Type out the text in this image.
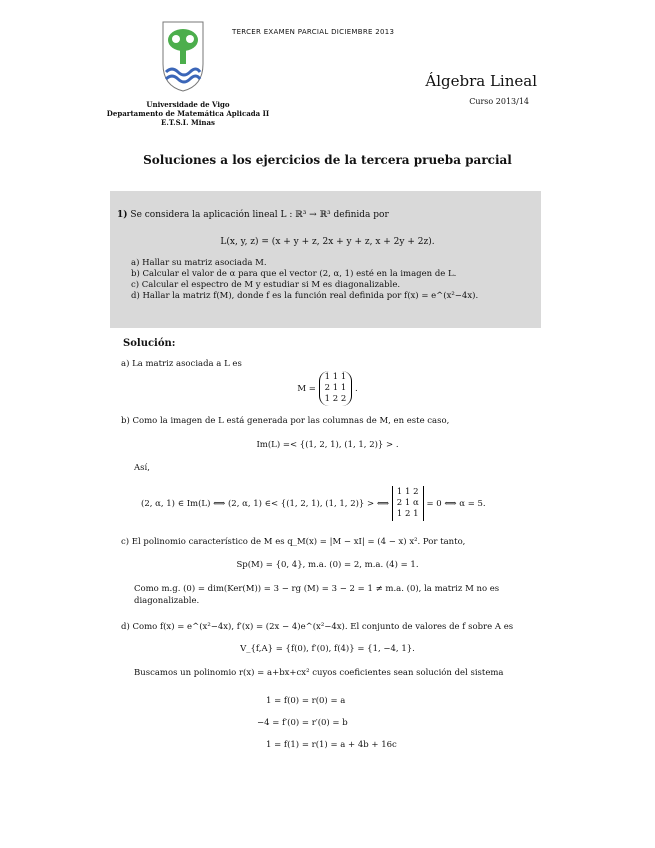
TERCER EXAMEN PARCIAL DICIEMBRE 2013
Universidade de Vigo
Departamento de Matemática Aplicada II
E.T.S.I. Minas
Álgebra Lineal
Curso 2013/14
Soluciones a los ejercicios de la tercera prueba parcial
1) Se considera la aplicación lineal L : ℝ³ → ℝ³ definida por
L(x, y, z) = (x + y + z, 2x + y + z, x + 2y + 2z).
a) Hallar su matriz asociada M.
b) Calcular el valor de α para que el vector (2, α, 1) esté en la imagen de L.
c) Calcular el espectro de M y estudiar si M es diagonalizable.
d) Hallar la matriz f(M), donde f es la función real definida por f(x) = e^(x²−4x).
Solución:
a) La matriz asociada a L es
M =
1 1 1
2 1 1
1 2 2
.
b) Como la imagen de L está generada por las columnas de M, en este caso,
Im(L) =< {(1, 2, 1), (1, 1, 2)} > .
Así,
(2, α, 1) ∈ Im(L) ⟺ (2, α, 1) ∈< {(1, 2, 1), (1, 1, 2)} > ⟺
1 1 2
2 1 α
1 2 1
= 0 ⟺ α = 5.
c) El polinomio característico de M es q_M(x) = |M − xI| = (4 − x) x². Por tanto,
Sp(M) = {0, 4}, m.a. (0) = 2, m.a. (4) = 1.
Como m.g. (0) = dim(Ker(M)) = 3 − rg (M) = 3 − 2 = 1 ≠ m.a. (0), la matriz M no es diagonalizable.
d) Como f(x) = e^(x²−4x), f′(x) = (2x − 4)e^(x²−4x). El conjunto de valores de f sobre A es
V_{f,A} = {f(0), f′(0), f(4)} = {1, −4, 1}.
Buscamos un polinomio r(x) = a+bx+cx² cuyos coeficientes sean solución del sistema
1 = f(0) = r(0) = a
−4 = f′(0) = r′(0) = b
1 = f(1) = r(1) = a + 4b + 16c
